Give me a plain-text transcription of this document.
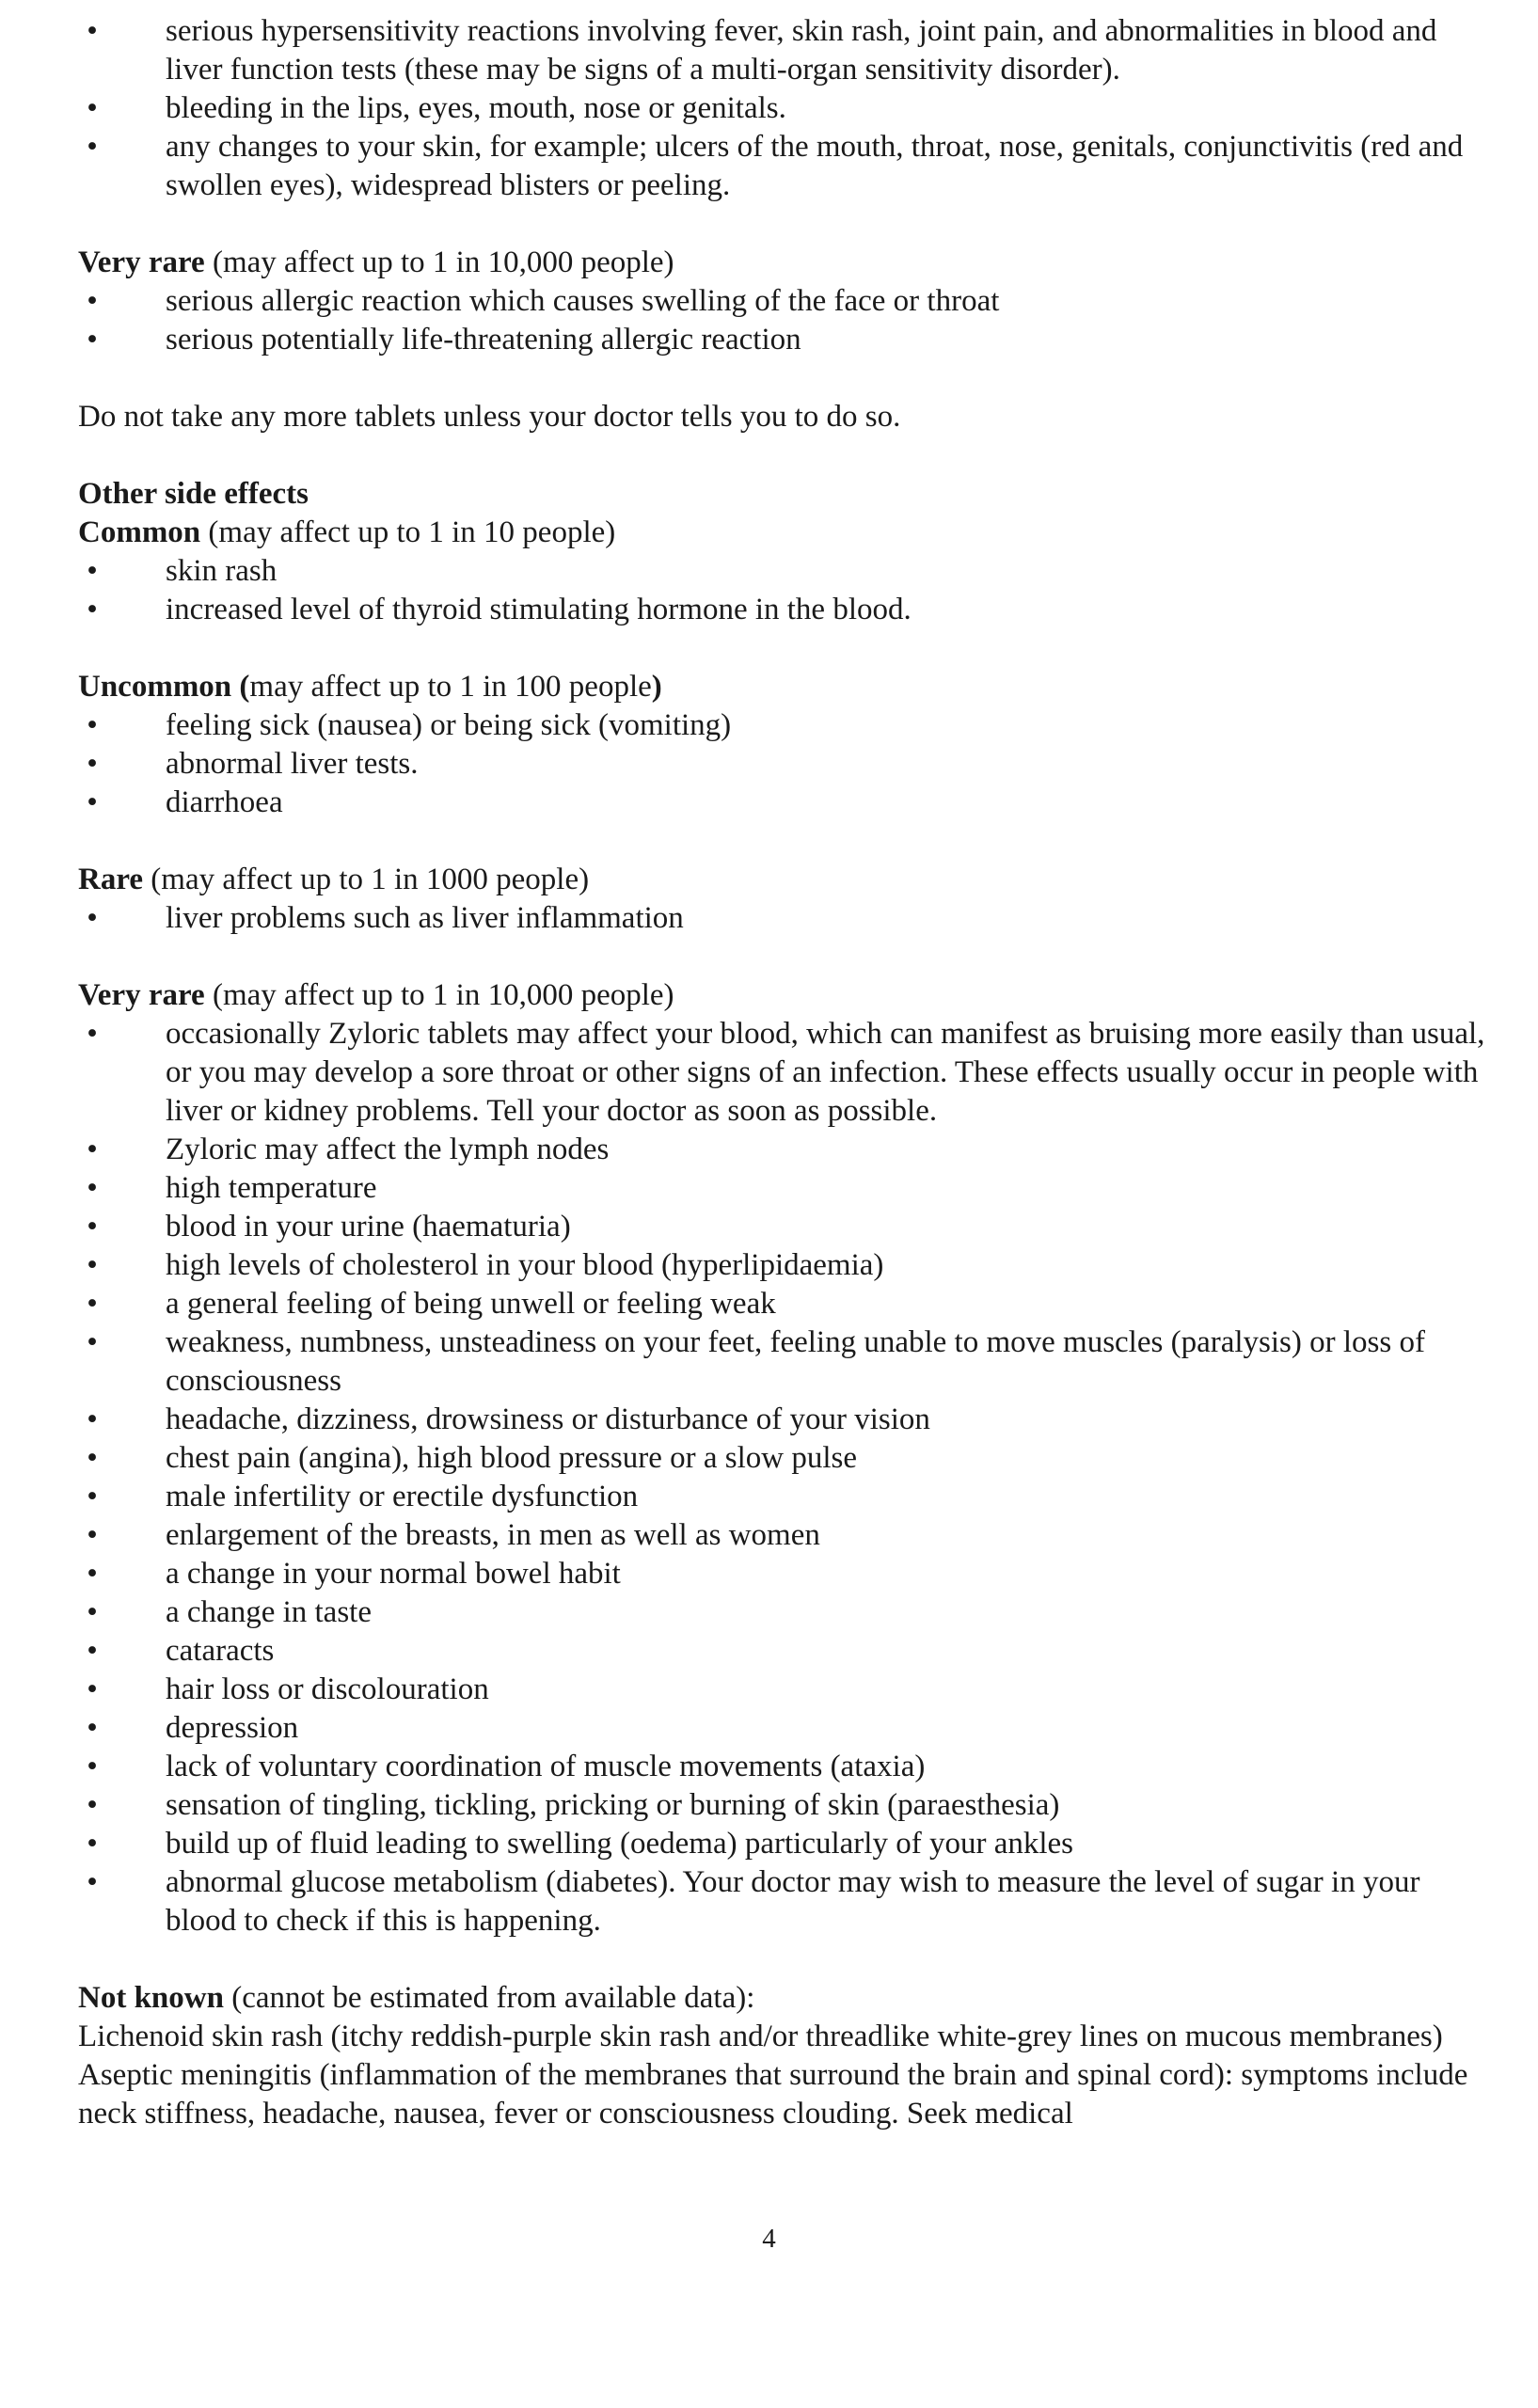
• serious hypersensitivity reactions involving fever, skin rash, joint pain, and abnormalities in blood and liver function tests (these may be signs of a multi-organ sensitivity disorder).
• bleeding in the lips, eyes, mouth, nose or genitals.
• any changes to your skin, for example; ulcers of the mouth, throat, nose, genitals, conjunctivitis (red and swollen eyes), widespread blisters or peeling.

Very rare (may affect up to 1 in 10,000 people)

• serious allergic reaction which causes swelling of the face or throat
• serious potentially life-threatening allergic reaction

Do not take any more tablets unless your doctor tells you to do so.

Other side effects

Common (may affect up to 1 in 10 people)

• skin rash
• increased level of thyroid stimulating hormone in the blood.

Uncommon (may affect up to 1 in 100 people)

• feeling sick (nausea) or being sick (vomiting)
• abnormal liver tests.
• diarrhoea

Rare (may affect up to 1 in 1000 people)

• liver problems such as liver inflammation

Very rare (may affect up to 1 in 10,000 people)

• occasionally Zyloric tablets may affect your blood, which can manifest as bruising more easily than usual, or you may develop a sore throat or other signs of an infection. These effects usually occur in people with liver or kidney problems. Tell your doctor as soon as possible.
• Zyloric may affect the lymph nodes
• high temperature
• blood in your urine (haematuria)
• high levels of cholesterol in your blood (hyperlipidaemia)
• a general feeling of being unwell or feeling weak
• weakness, numbness, unsteadiness on your feet, feeling unable to move muscles (paralysis) or loss of consciousness
• headache, dizziness, drowsiness or disturbance of your vision
• chest pain (angina), high blood pressure or a slow pulse
• male infertility or erectile dysfunction
• enlargement of the breasts, in men as well as women
• a change in your normal bowel habit
• a change in taste
• cataracts
• hair loss or discolouration
• depression
• lack of voluntary coordination of muscle movements (ataxia)
• sensation of tingling, tickling, pricking or burning of skin (paraesthesia)
• build up of fluid leading to swelling (oedema) particularly of your ankles
• abnormal glucose metabolism (diabetes). Your doctor may wish to measure the level of sugar in your blood to check if this is happening.

Not known (cannot be estimated from available data):

Lichenoid skin rash (itchy reddish-purple skin rash and/or threadlike white-grey lines on mucous membranes)

Aseptic meningitis (inflammation of the membranes that surround the brain and spinal cord): symptoms include neck stiffness, headache, nausea, fever or consciousness clouding. Seek medical

4
